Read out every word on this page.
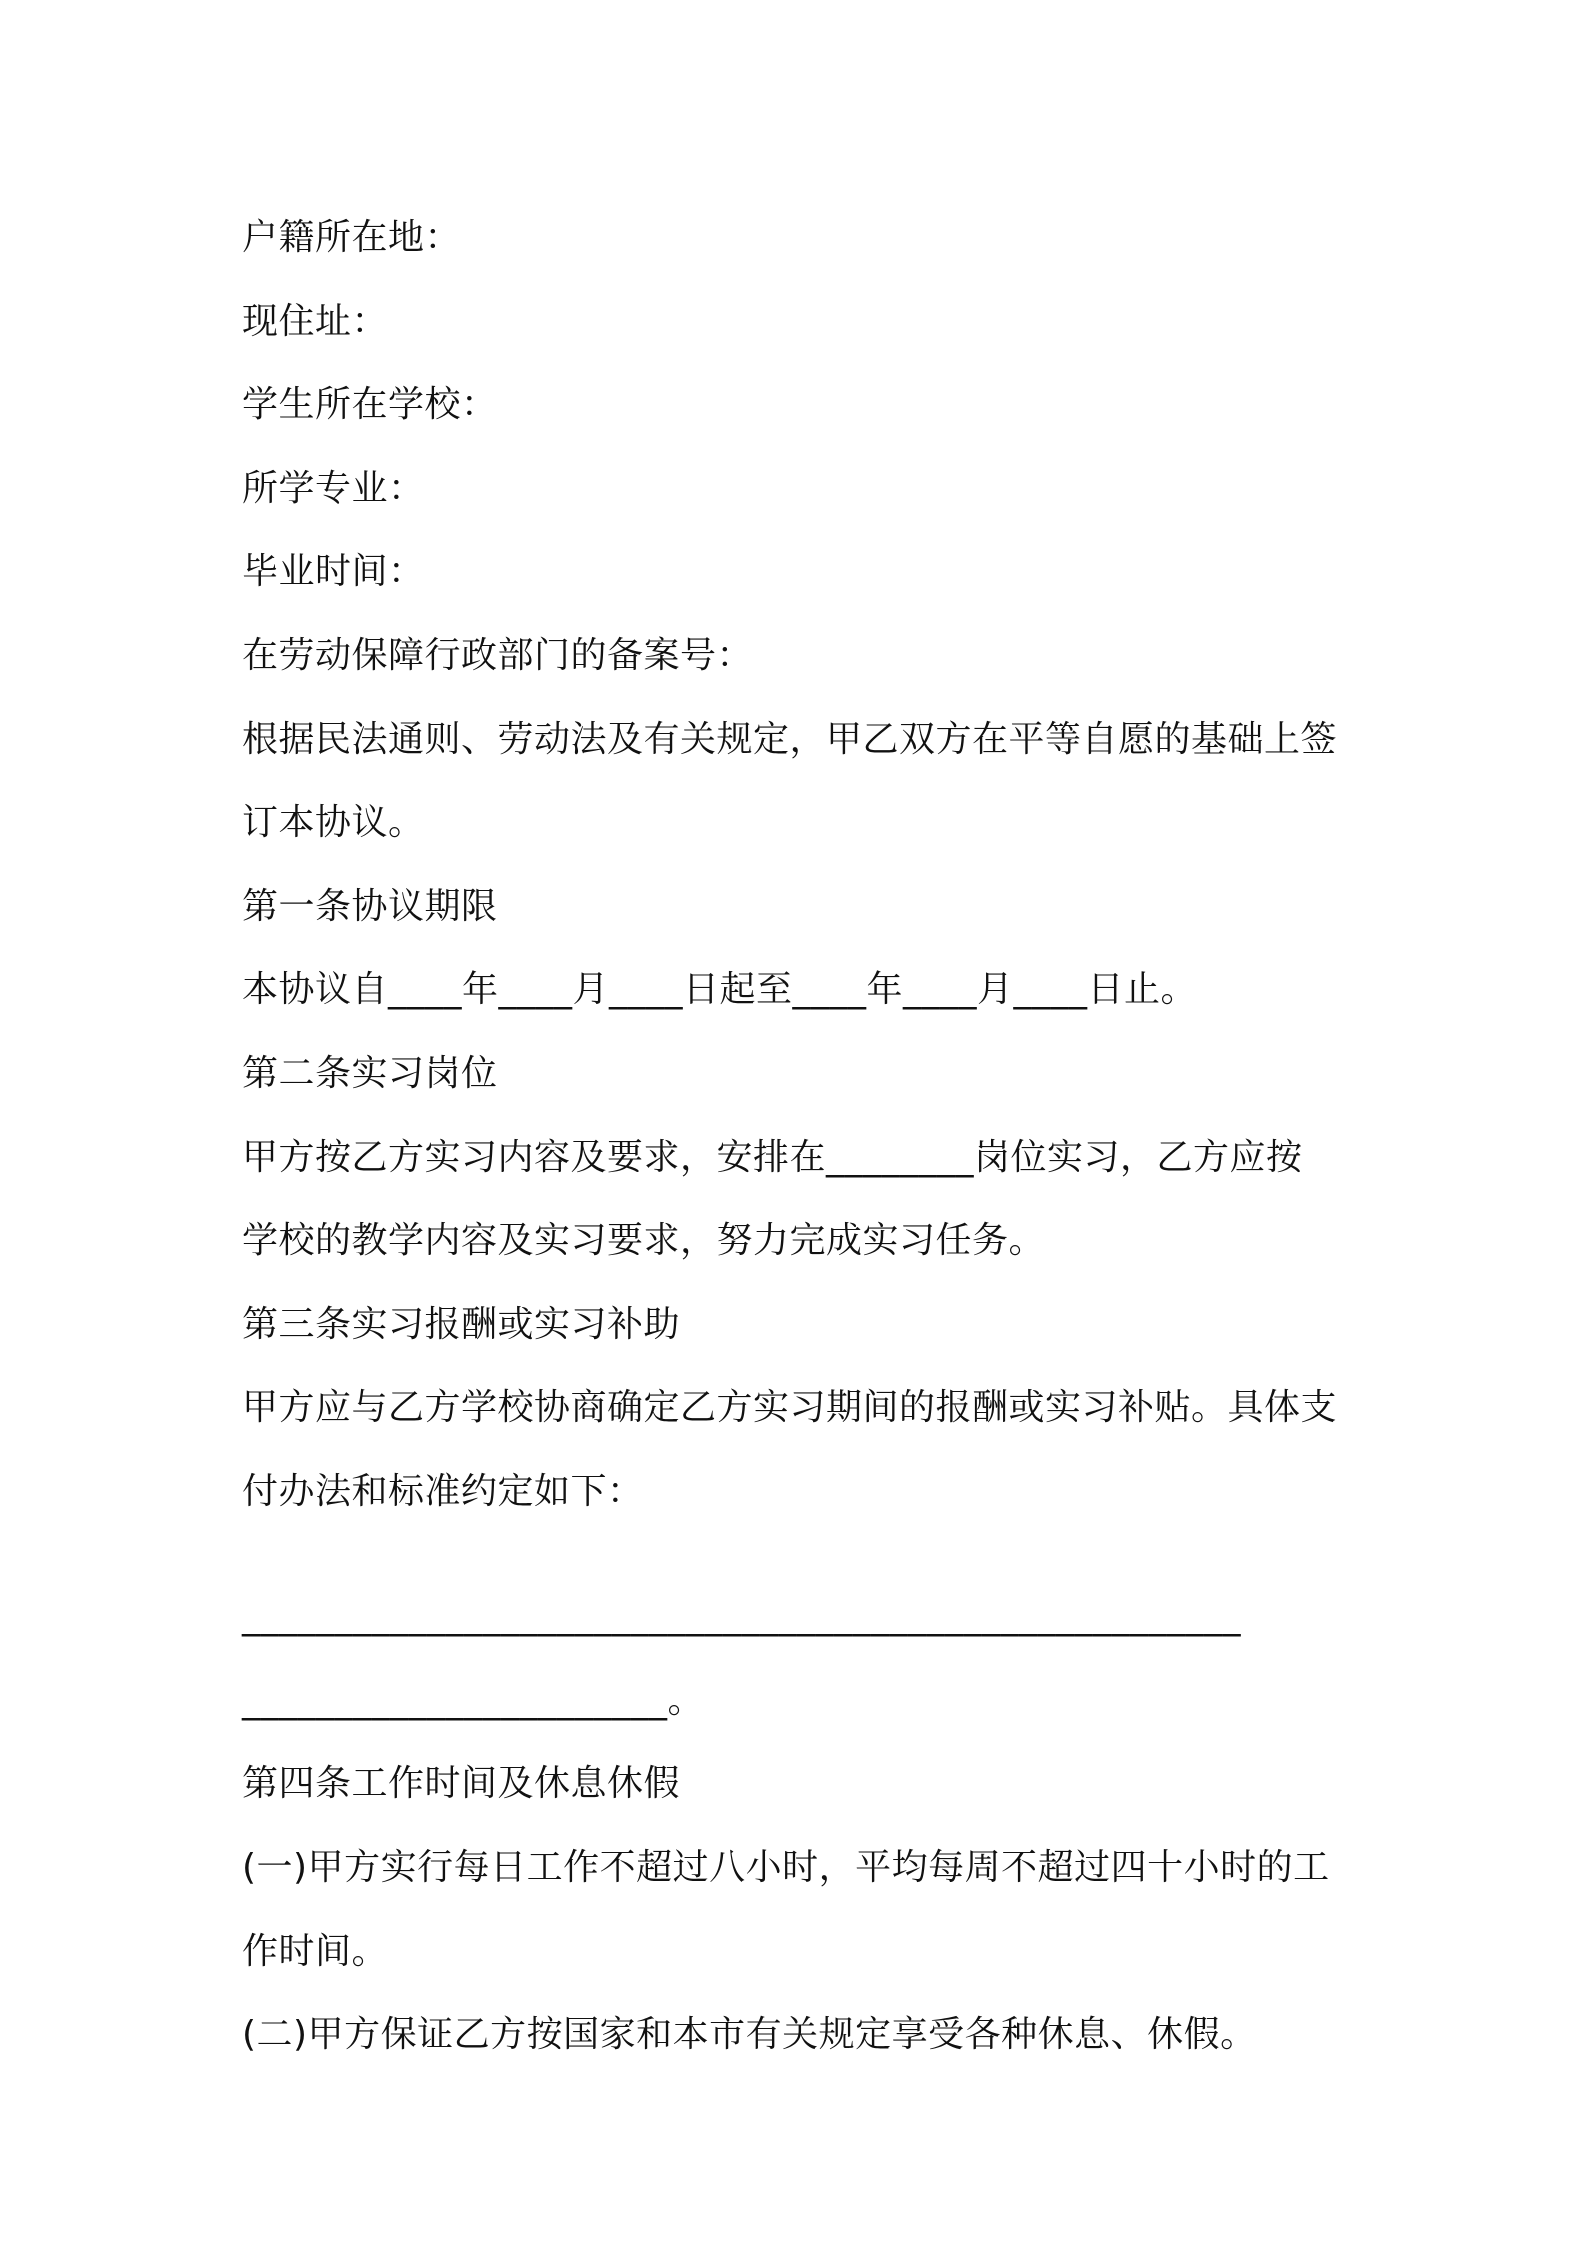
户籍所在地：
现住址：
学生所在学校：
所学专业：
毕业时间：
在劳动保障行政部门的备案号：
根据民法通则、劳动法及有关规定，甲乙双方在平等自愿的基础上签
订本协议。
第一条协议期限
本协议自____年____月____日起至____年____月____日止。
第二条实习岗位
甲方按乙方实习内容及要求，安排在________岗位实习，乙方应按
学校的教学内容及实习要求，努力完成实习任务。
第三条实习报酬或实习补助
甲方应与乙方学校协商确定乙方实习期间的报酬或实习补贴。具体支
付办法和标准约定如下：
______________________________________________________
_______________________。
第四条工作时间及休息休假
(一)甲方实行每日工作不超过八小时，平均每周不超过四十小时的工
作时间。
(二)甲方保证乙方按国家和本市有关规定享受各种休息、休假。
